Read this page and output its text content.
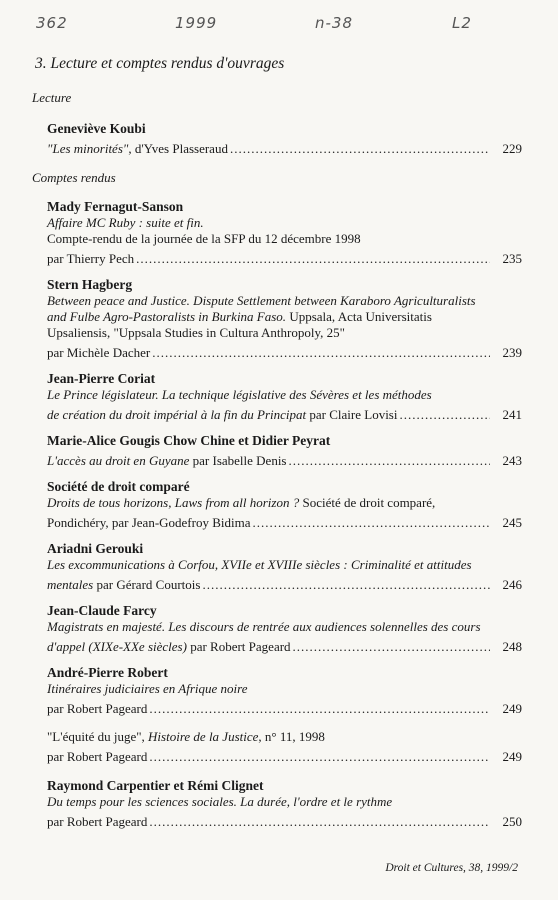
362	1999	n-38	L2
3. Lecture et comptes rendus d'ouvrages
Lecture
Geneviève Koubi
"Les minorités", d'Yves Plasseraud .....	229
Comptes rendus
Mady Fernagut-Sanson
Affaire MC Ruby : suite et fin.
Compte-rendu de la journée de la SFP du 12 décembre 1998
par Thierry Pech .....	235
Stern Hagberg
Between peace and Justice. Dispute Settlement between Karaboro Agriculturalists
and Fulbe Agro-Pastoralists in Burkina Faso. Uppsala, Acta Universitatis
Upsaliensis, "Uppsala Studies in Cultura Anthropoly, 25"
par Michèle Dacher .....	239
Jean-Pierre Coriat
Le Prince législateur. La technique législative des Sévères et les méthodes
de création du droit impérial à la fin du Principat par Claire Lovisi .....	241
Marie-Alice Gougis Chow Chine et Didier Peyrat
L'accès au droit en Guyane par Isabelle Denis .....	243
Société de droit comparé
Droits de tous horizons, Laws from all horizon ? Société de droit comparé,
Pondichéry, par Jean-Godefroy Bidima .....	245
Ariadni Gerouki
Les excommunications à Corfou, XVIIe et XVIIIe siècles : Criminalité et attitudes
mentales par Gérard Courtois .....	246
Jean-Claude Farcy
Magistrats en majesté. Les discours de rentrée aux audiences solennelles des cours
d'appel (XIXe-XXe siècles) par Robert Pageard .....	248
André-Pierre Robert
Itinéraires judiciaires en Afrique noire
par Robert Pageard .....	249
"L'équité du juge", Histoire de la Justice, n° 11, 1998
par Robert Pageard .....	249
Raymond Carpentier et Rémi Clignet
Du temps pour les sciences sociales. La durée, l'ordre et le rythme
par Robert Pageard .....	250
Droit et Cultures, 38, 1999/2
